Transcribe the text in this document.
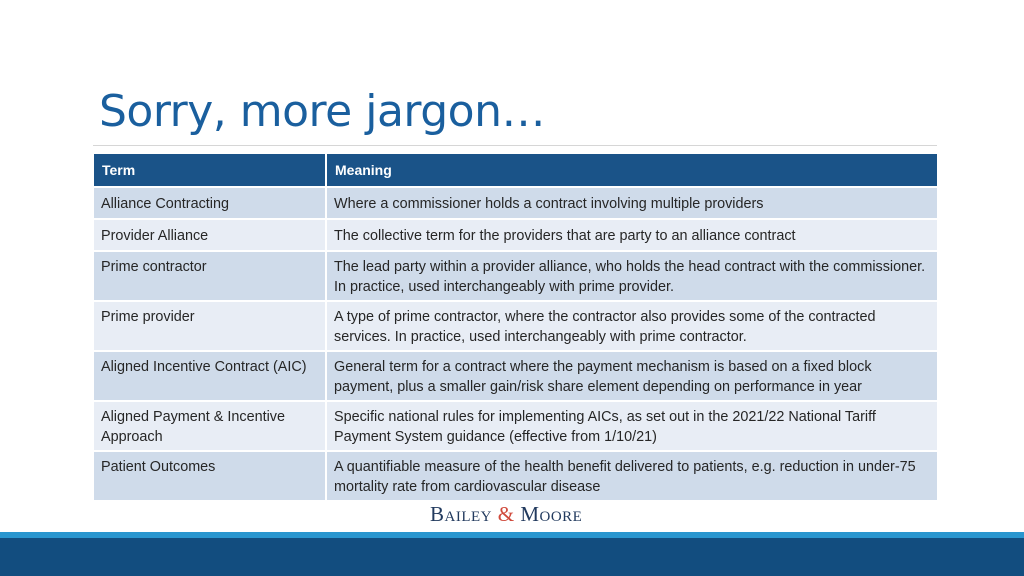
Sorry, more jargon…
Term	Meaning
Alliance Contracting	Where a commissioner holds a contract involving multiple providers
Provider Alliance	The collective term for the providers that are party to an alliance contract
Prime contractor	The lead party within a provider alliance, who holds the head contract with the commissioner. In practice, used interchangeably with prime provider.
Prime provider	A type of prime contractor, where the contractor also provides some of the contracted services. In practice, used interchangeably with prime contractor.
Aligned Incentive Contract (AIC)	General term for a contract where the payment mechanism is based on a fixed block payment, plus a smaller gain/risk share element depending on performance in year
Aligned Payment & Incentive Approach	Specific national rules for implementing AICs, as set out in the 2021/22 National Tariff Payment System guidance (effective from 1/10/21)
Patient Outcomes	A quantifiable measure of the health benefit delivered to patients, e.g. reduction in under-75 mortality rate from cardiovascular disease
Bailey & Moore
